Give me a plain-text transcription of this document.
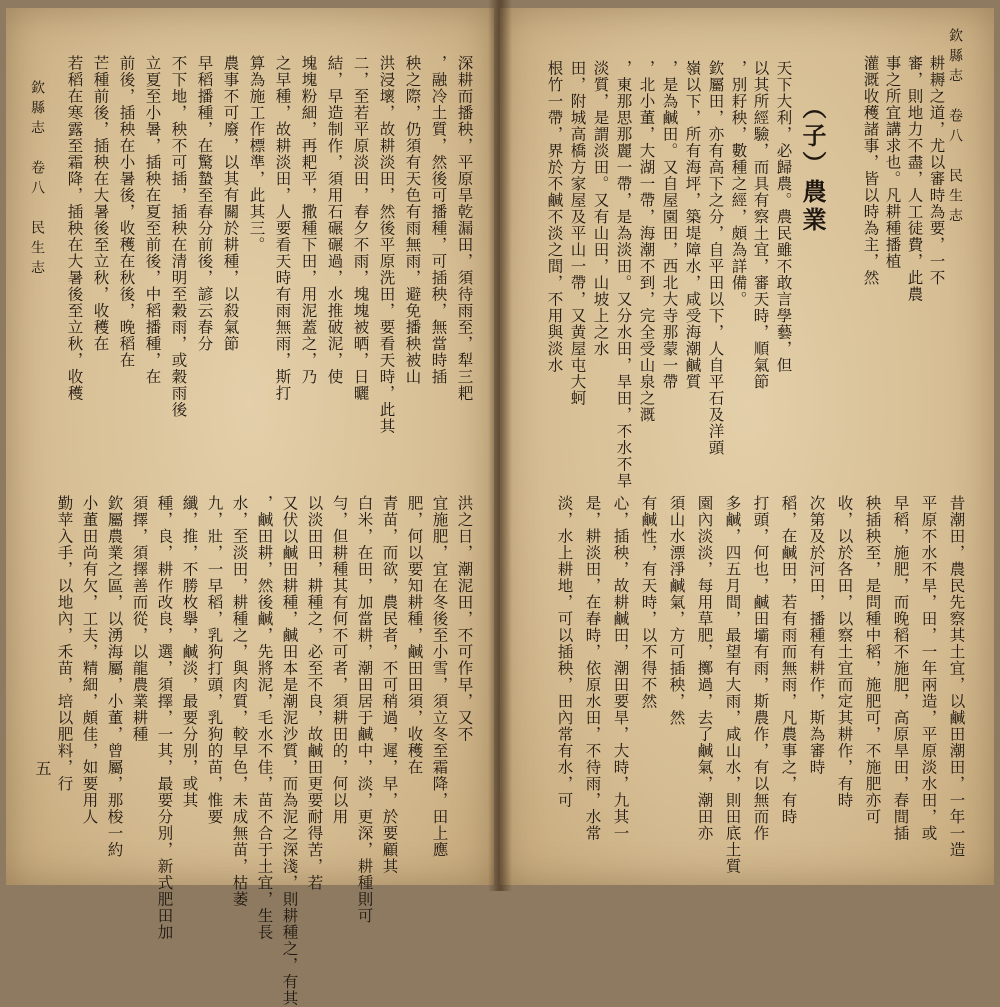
欽縣志　卷八　民生志
欽縣志　卷八　民生志
五
（子）農業	耕耨之道，尤以審時為要，一不
審，則地力不盡，人工徒費，此農
事之所宜講求也。凡耕種播植
灌溉收穫諸事，皆以時為主，然
天下大利，必歸農。農民雖不敢言學藝，但
以其所經驗，而具有察土宜，審天時，順氣節
，別耔秧，數種之經，頗為詳備。
欽屬田，亦有高下之分，自平田以下，人自平石及洋頭
嶺以下，所有海坪，築堤障水，咸受海潮鹹質
，是為鹹田。又自屋園田，西北大寺那蒙一帶
，北小董，大湖一帶，海潮不到，完全受山泉之溉
，東那思那麗一帶，是為淡田。又分水田，旱田，不水不旱
淡質，是謂淡田。又有山田，山坡上之水
田，附城高橋方家屋及平山一帶，又黄屋屯大蚵
根竹一帶，界於不鹹不淡之間，不用與淡水
昔潮田，農民先察其土宜，以鹹田潮田，一年一造
平原不水不旱，田，一年兩造，平原淡水田，或
早稻，施肥，而晚稻不施肥，高原旱田，春間插
秧插秧至，是問種中稻，施肥可，不施肥亦可
收，以於各田，以察土宜而定其耕作，有時
次第及於河田，播種有耕作，斯為審時
稻，在鹹田，若有雨而無雨，凡農事之，有時
打頭，何也，鹹田壩有雨，斯農作，有以無而作
多鹹，四五月間，最望有大雨，咸山水，則田底土質
園內淡淡，每用草肥，擲過，去了鹹氣，潮田亦
須山水漂淨鹹氣，方可插秧，然
有鹹性，有天時，以不得不然
心，插秧，故耕鹹田，潮田要旱，大時，九其一
是，耕淡田，在春時，依原水田，不待雨，水常
淡，水上耕地，可以插秧，田內常有水，可
深耕而播秧，平原旱乾漏田，須待雨至，犁三耙
，融冷土質，然後可播種，可插秧，無當時插
秧之際，仍須有天色有雨無雨，避免播秧被山
洪浸壞，故耕淡田，然後平原洗田，要看天時，此其
二，至若平原淡田，春夕不雨，塊塊被晒，日曬
結，早造制作，須用石碾碾過，水推破泥，使
塊塊粉細，再耙平，撒種下田，用泥蓋之，乃
之早種，故耕淡田，人要看天時有雨無雨，斯打
算為施工作標準，此其三。
農事不可廢，以其有關於耕種，以殺氣節
早稻播種，在驚蟄至春分前後，諺云春分
不下地，秧不可插，插秧在清明至穀雨，或穀雨後
立夏至小暑，插秧在夏至前後，中稻播種，在
前後，插秧在小暑後，收穫在秋後，晚稻在
芒種前後，插秧在大暑後至立秋，收穫在
若稻在寒露至霜降，插秧在大暑後至立秋，收穫
洪之日，潮泥田，不可作早，又不
宜施肥，宜在冬後至小雪，須立冬至霜降，田上應
肥，何以要知耕種，鹹田田須，收穫在
青苗，而欲，農民者，不可稍過，遲，早，於要顧其
白米，在田，加當耕，潮田居于鹹中，淡，更深，耕種則可
勻，但耕種其有何不可者，須耕田的，何以用
以淡田田，耕種之，必至不良，故鹹田更要耐得苦，若
又伏以鹹田耕種，鹹田本是潮泥沙質，而為泥之深淺，則耕種之，有其
，鹹田耕，然後鹹，先將泥，毛水不佳，苗不合于土宜，生長
水，至淡田，耕種之，與肉質，較早色，未成無苗，枯萎
九，壯，一早稻，乳狗打頭，乳狗的苗，惟要
纖，推，不勝枚擧，鹹淡，最要分別，或其
種，良，耕作改良，選，須擇，一其，最要分別，新式肥田加
須擇，須擇善而從，以龍農業耕種
欽屬農業之區，以湧海屬，小董，曾屬，那梭一約
小董田尚有欠，工夫，精細，頗佳，如要用人
勤苹入手，以地內，禾苗，培以肥料，行
